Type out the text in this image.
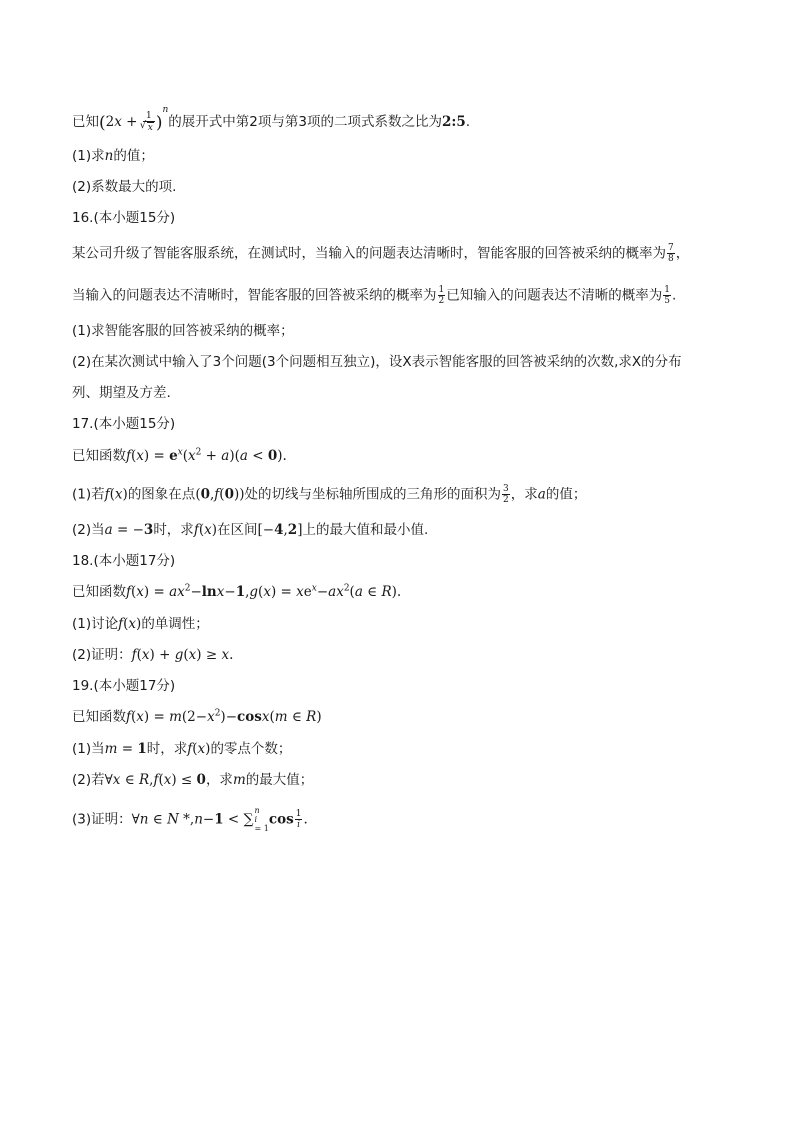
已知(2x + 1
√ x )$^n$的展开式中第2项与第3项的二项式系数之比为2:5.
(1)求n的值；
(2)系数最大的项.
16.(本小题15分)
某公司升级了智能客服系统，在测试时，当输入的问题表达清晰时，智能客服的回答被采纳的概率为 $\frac{7}{8}$ ，
当输入的问题表达不清晰时，智能客服的回答被采纳的概率为 $\frac{1}{2}$ 已知输入的问题表达不清晰的概率为 $\frac{1}{5}$ .
(1)求智能客服的回答被采纳的概率；
(2)在某次测试中输入了3个问题(3个问题相互独立)，设X表示智能客服的回答被采纳的次数,求X的分布
列、期望及方差.
17.(本小题15分)
已知函数$f(x) = e^x(x^2 + a)(a < 0)$.
(1)若f(x)的图象在点(0,f(0))处的切线与坐标轴所围成的三角形的面积为 $\frac{3}{2}$ ，求a的值；
(2)当a = −3时，求f(x)在区间[−4,2]上的最大值和最小值.
18.(本小题17分)
已知函数$f(x) = ax^2-\ln x-1,g(x) = xe^x-ax^2(a$ ∈ R).
(1)讨论f(x)的单调性；
(2)证明：f(x) + g(x) ≥ x.
19.(本小题17分)
已知函数$f(x) = m(2-x^2)-\cos x(m$ ∈ R)
(1)当m = 1时，求f(x)的零点个数；
(2)若∀x ∈ R,f(x) ≤ 0，求m的最大值；
(3)证明：∀n ∈ N *,n−1 < ∑
n
i
= 1
$\cos \frac{1}{i}$ .
